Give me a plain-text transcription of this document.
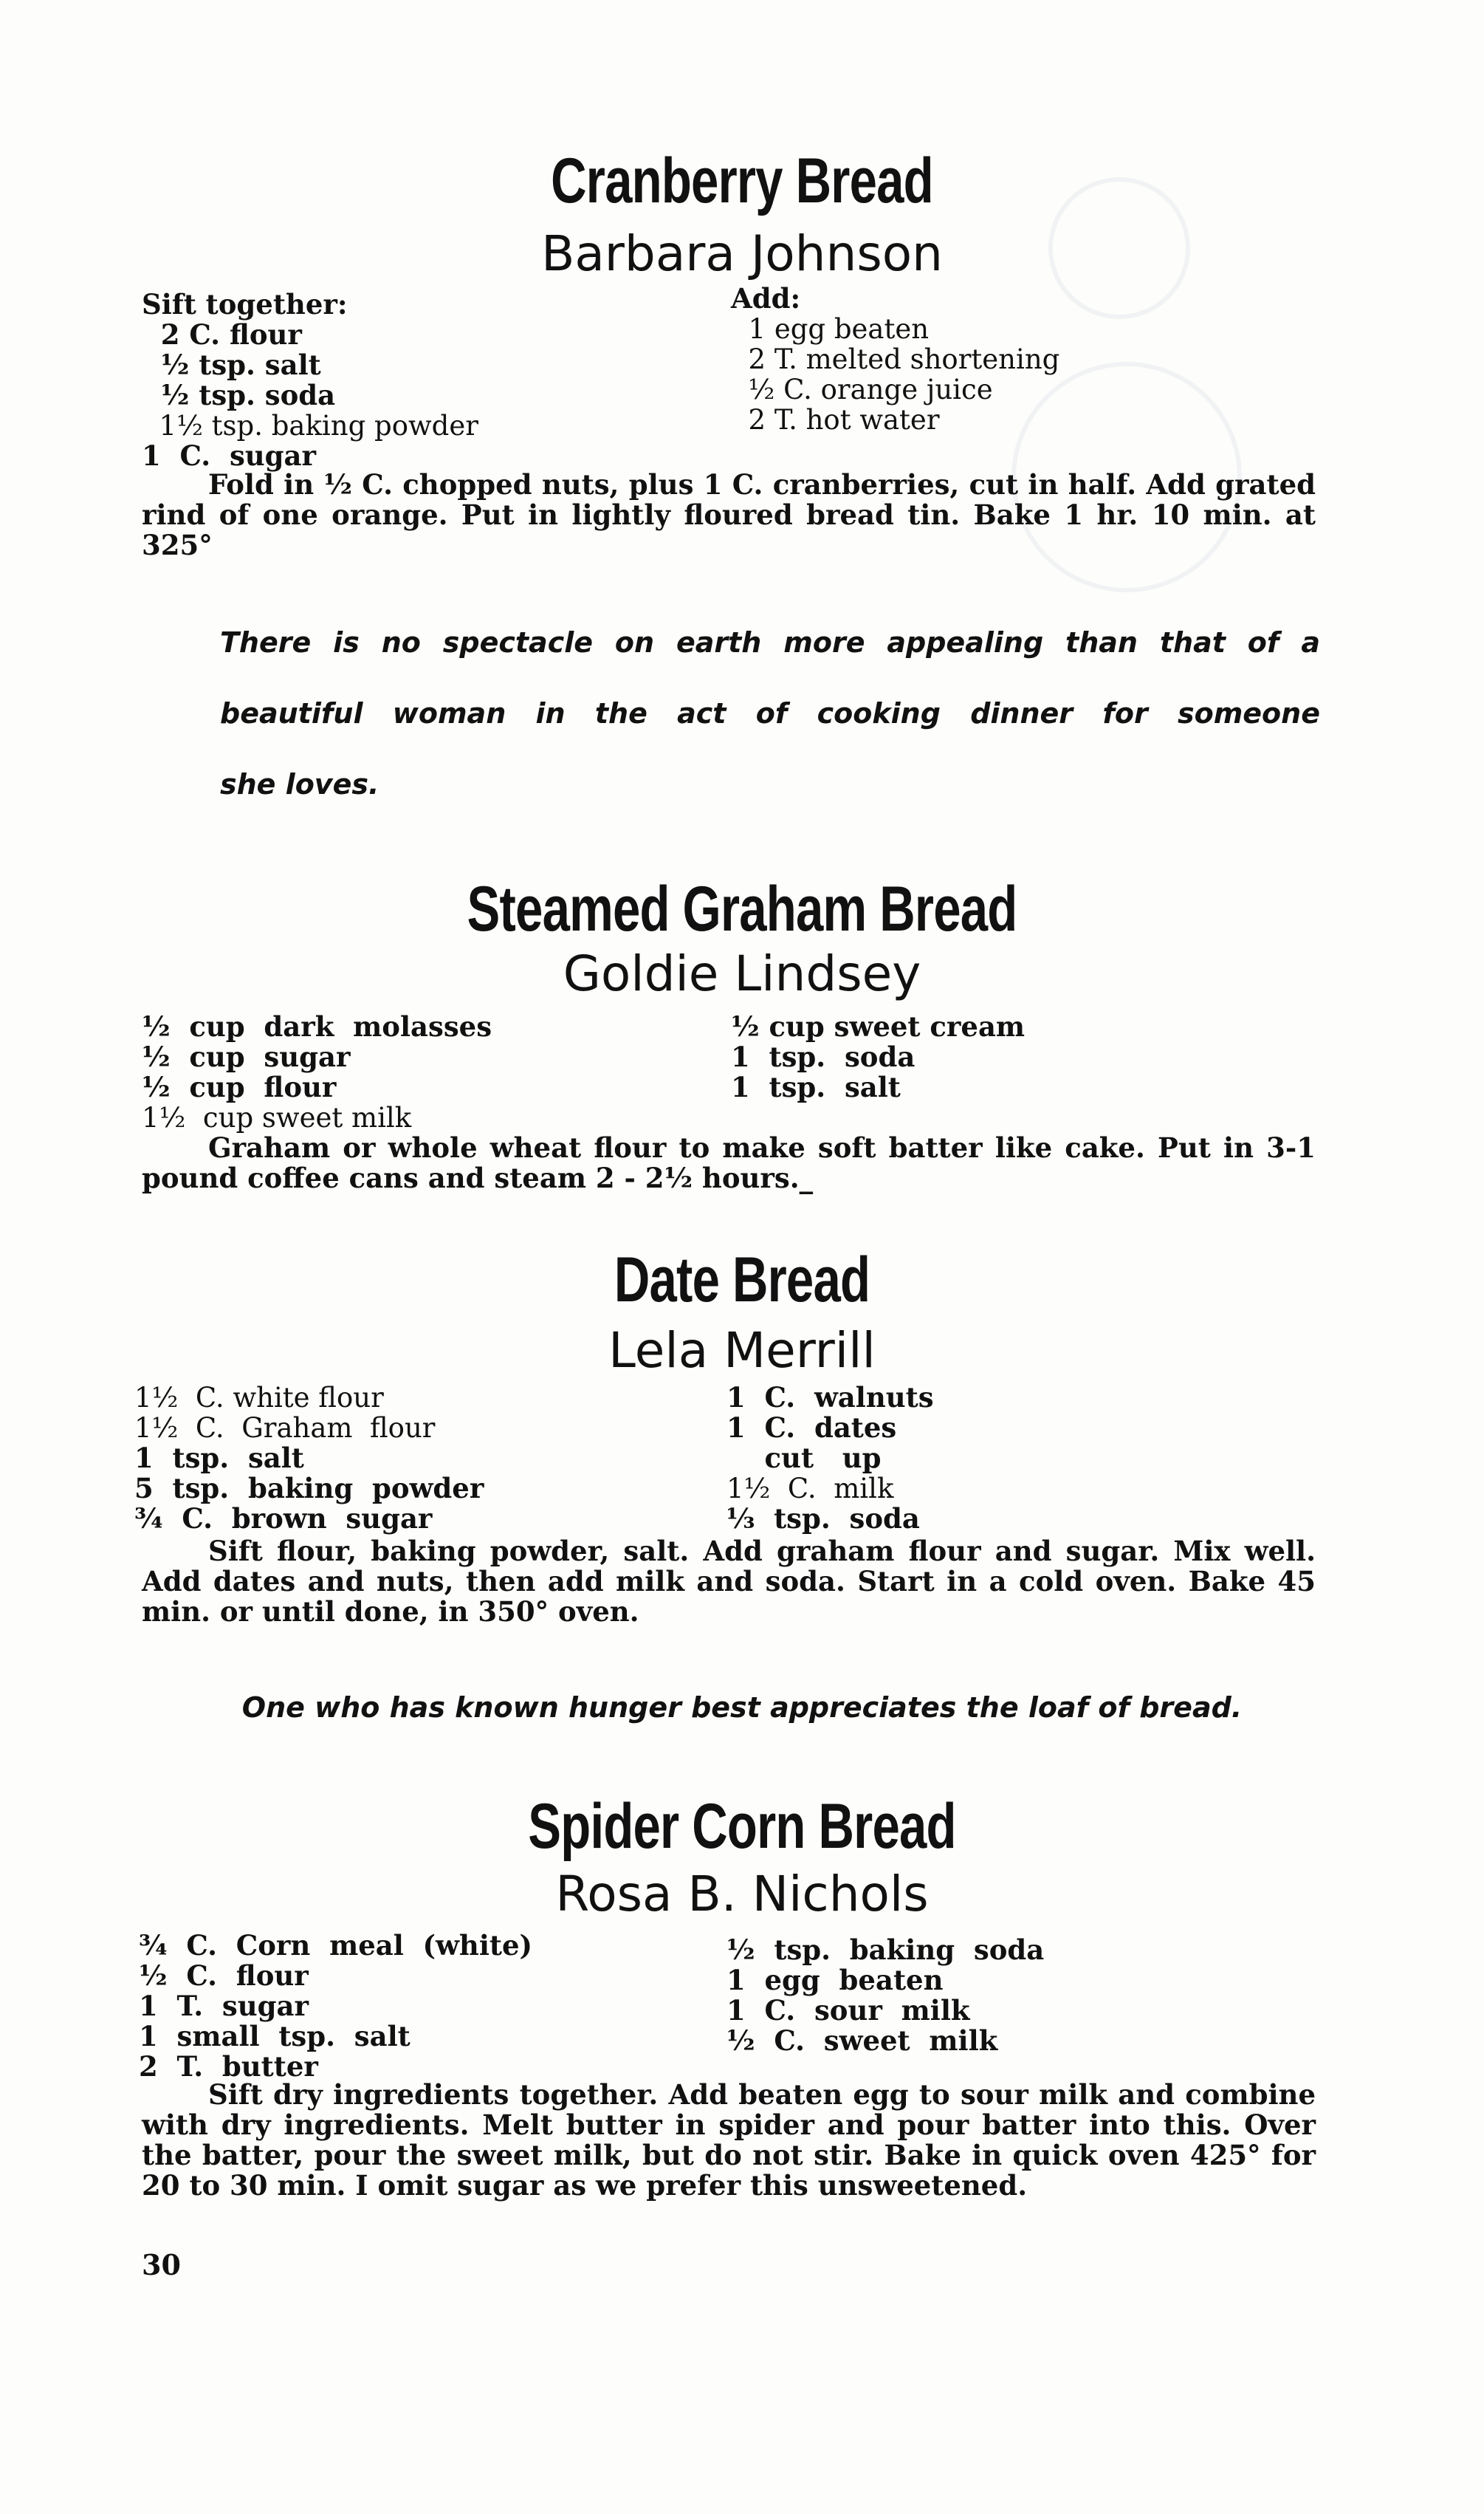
Cranberry Bread
Barbara Johnson
Sift together:
2 C. flour
½ tsp. salt
½ tsp. soda
1½ tsp. baking powder
1  C.  sugar
Add:
1 egg beaten
2 T. melted shortening
½ C. orange juice
2 T. hot water
Fold in ½ C. chopped nuts, plus 1 C. cranberries, cut in half. Add grated rind of one orange. Put in lightly floured bread tin. Bake 1 hr. 10 min. at 325°
There is no spectacle on earth more appealing than that of a
beautiful woman in the act of cooking dinner for someone
she loves.
Steamed Graham Bread
Goldie Lindsey
½  cup  dark  molasses
½  cup  sugar
½  cup  flour
1½  cup sweet milk
½ cup sweet cream
1  tsp.  soda
1  tsp.  salt
Graham or whole wheat flour to make soft batter like cake. Put in 3-1 pound coffee cans and steam 2 - 2½ hours._
Date Bread
Lela Merrill
1½  C. white flour
1½  C.  Graham  flour
1  tsp.  salt
5  tsp.  baking  powder
¾  C.  brown  sugar
1  C.  walnuts
1  C.  dates
cut   up
1½  C.  milk
⅓  tsp.  soda
Sift flour, baking powder, salt. Add graham flour and sugar. Mix well. Add dates and nuts, then add milk and soda. Start in a cold oven. Bake 45 min. or until done, in 350° oven.
One who has known hunger best appreciates the loaf of bread.
Spider Corn Bread
Rosa B. Nichols
¾  C.  Corn  meal  (white)
½  C.  flour
1  T.  sugar
1  small  tsp.  salt
2  T.  butter
½  tsp.  baking  soda
1  egg  beaten
1  C.  sour  milk
½  C.  sweet  milk
Sift dry ingredients together. Add beaten egg to sour milk and combine with dry ingredients. Melt butter in spider and pour batter into this. Over the batter, pour the sweet milk, but do not stir. Bake in quick oven 425° for 20 to 30 min. I omit sugar as we prefer this unsweetened.
30
